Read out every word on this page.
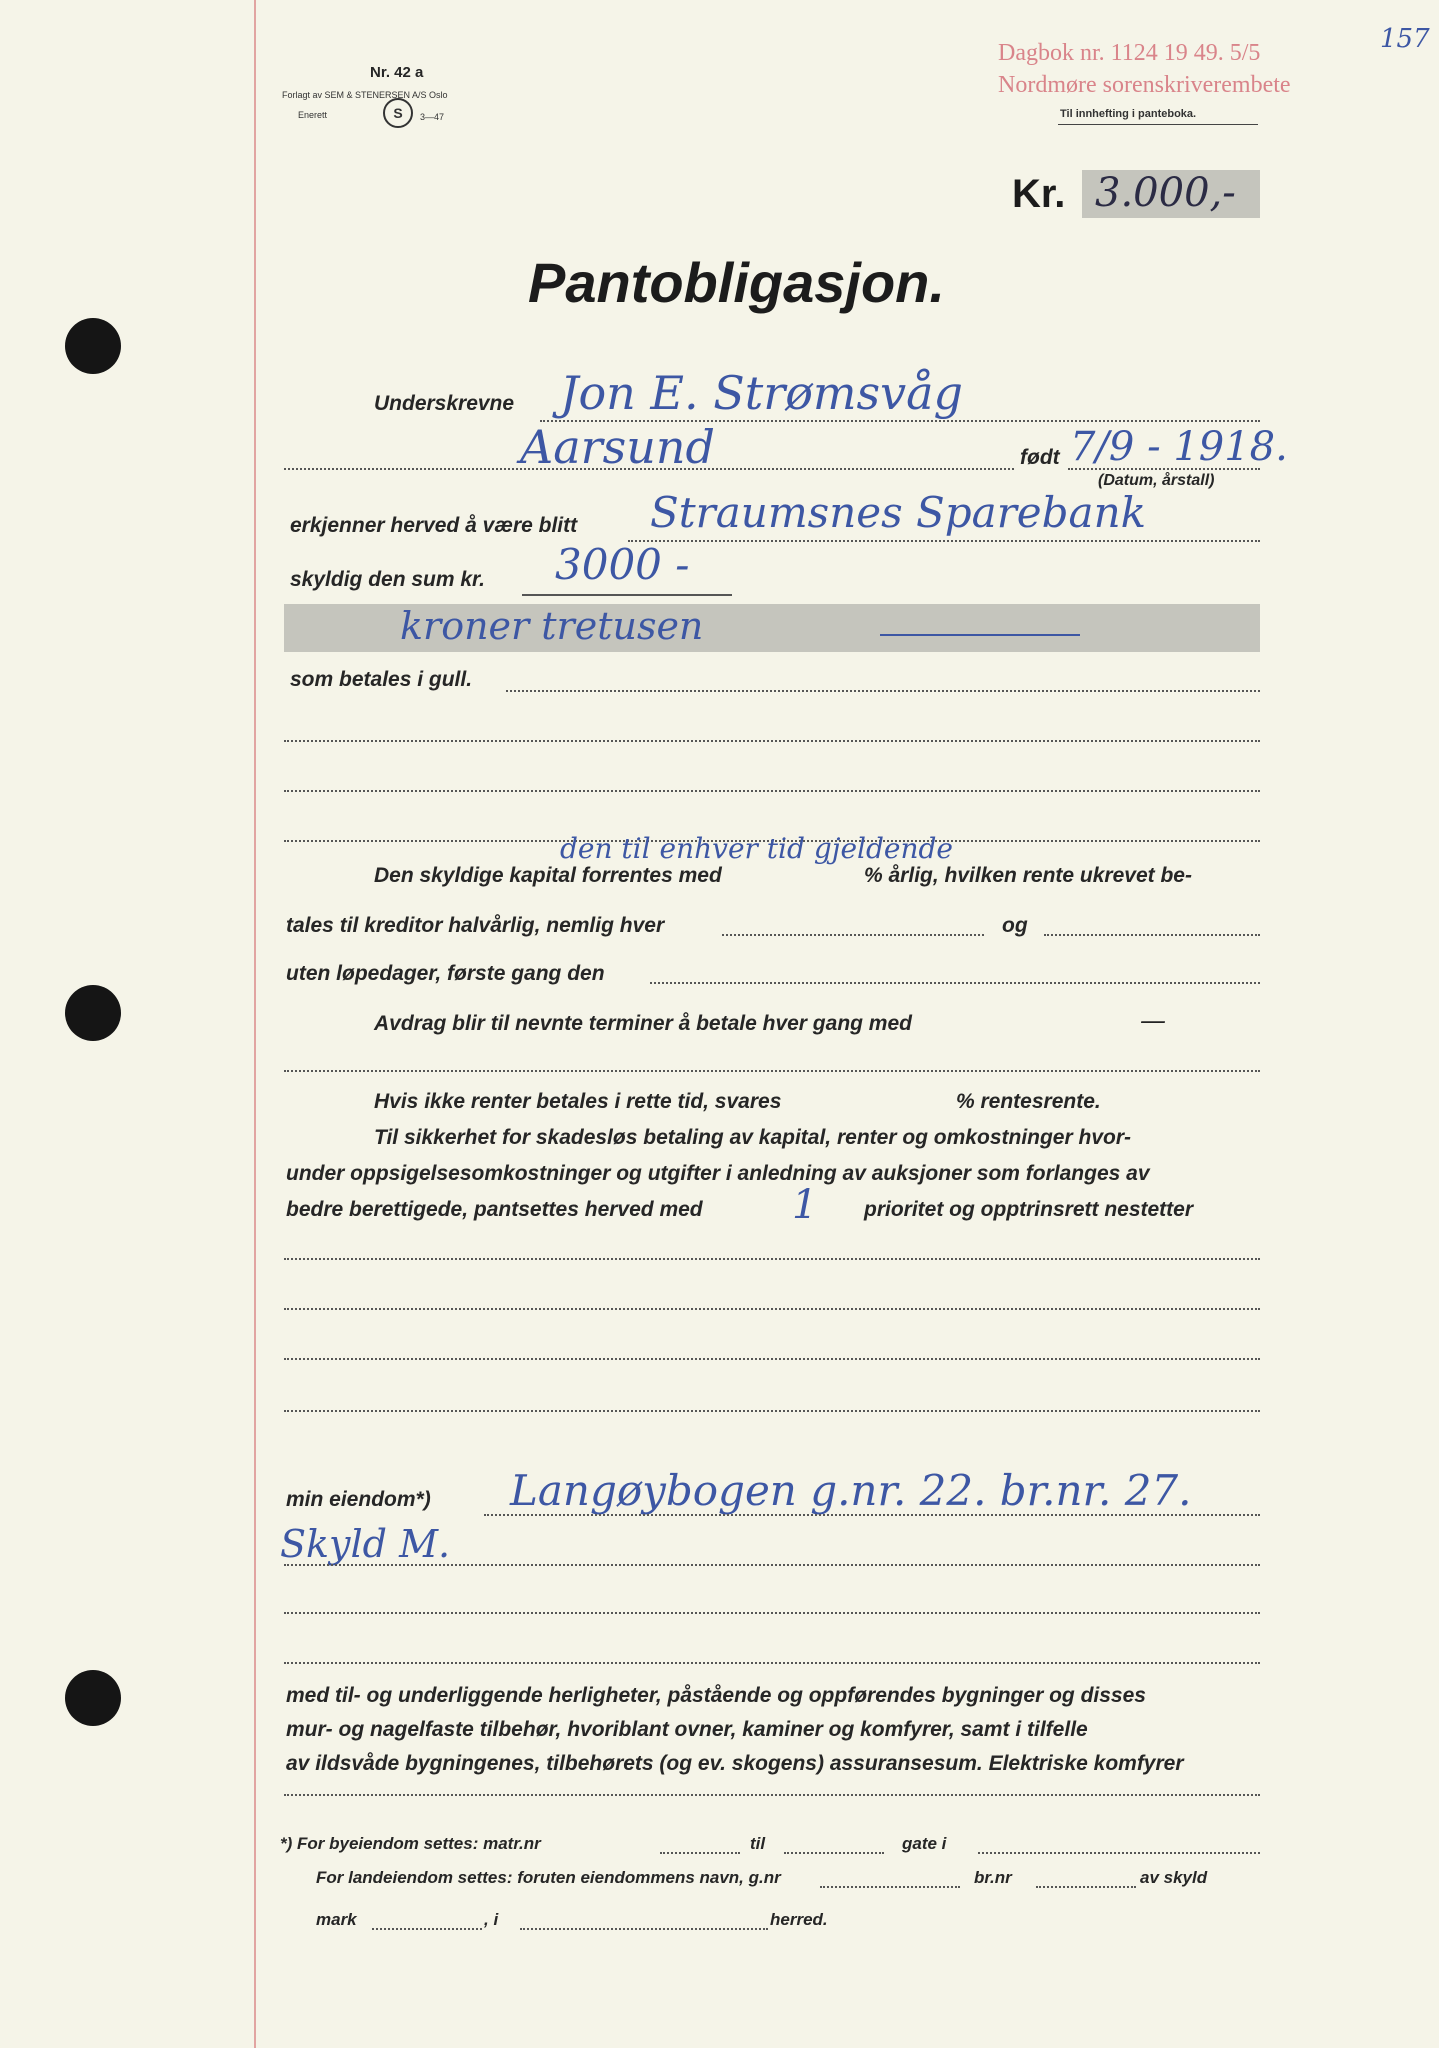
Nr. 42 a
Forlagt av SEM & STENERSEN A/S Oslo
S
Enerett	3—47
Dagbok nr. 1124 19 49. 5/5
Nordmøre sorenskriverembete
Til innhefting i panteboka.
157
Kr. 3.000,-
Pantobligasjon.
Underskrevne Jon E. Strømsvåg
Aarsund	født 7/9 - 1918.
(Datum, årstall)
erkjenner herved å være blitt Straumsnes Sparebank
skyldig den sum kr. 3000 -
kroner tretusen
som betales i gull.
den til enhver tid gjeldende
Den skyldige kapital forrentes med	% årlig, hvilken rente ukrevet be-
tales til kreditor halvårlig, nemlig hver	og
uten løpedager, første gang den
Avdrag blir til nevnte terminer å betale hver gang med	—
Hvis ikke renter betales i rette tid, svares	% rentesrente.
Til sikkerhet for skadesløs betaling av kapital, renter og omkostninger hvor-
under oppsigelsesomkostninger og utgifter i anledning av auksjoner som forlanges av
bedre berettigede, pantsettes herved med 1 prioritet og opptrinsrett nestetter
min eiendom*) Langøybogen g.nr. 22. br.nr. 27.
Skyld M.
med til- og underliggende herligheter, påstående og oppførendes bygninger og disses
mur- og nagelfaste tilbehør, hvoriblant ovner, kaminer og komfyrer, samt i tilfelle
av ildsvåde bygningenes, tilbehørets (og ev. skogens) assuransesum. Elektriske komfyrer
*) For byeiendom settes: matr.nr	til	gate i
For landeiendom settes: foruten eiendommens navn, g.nr	br.nr	av skyld
mark	, i	herred.
